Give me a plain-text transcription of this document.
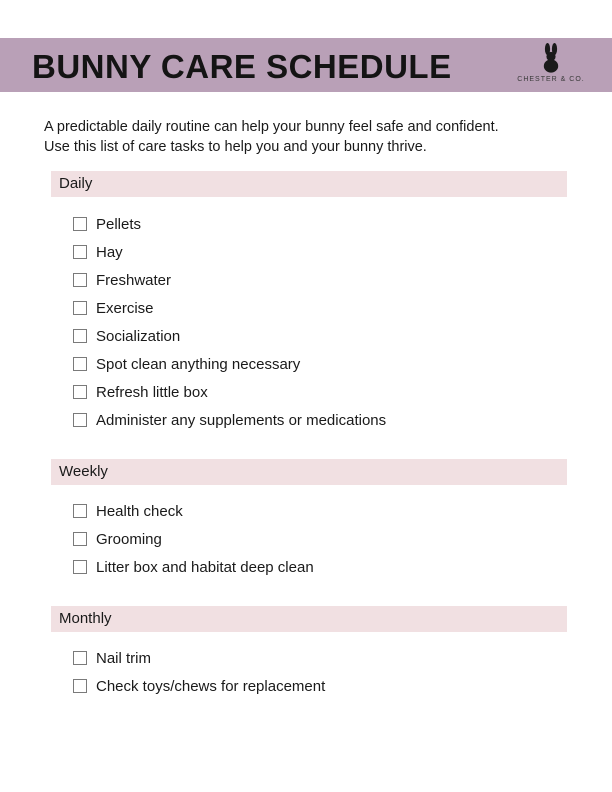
BUNNY CARE SCHEDULE	CHESTER & CO.

A predictable daily routine can help your bunny feel safe and confident.

Use this list of care tasks to help you and your bunny thrive.

Daily
Pellets
Hay
Freshwater
Exercise
Socialization
Spot clean anything necessary
Refresh little box
Administer any supplements or medications
Weekly
Health check
Grooming
Litter box and habitat deep clean
Monthly
Nail trim
Check toys/chews for replacement
